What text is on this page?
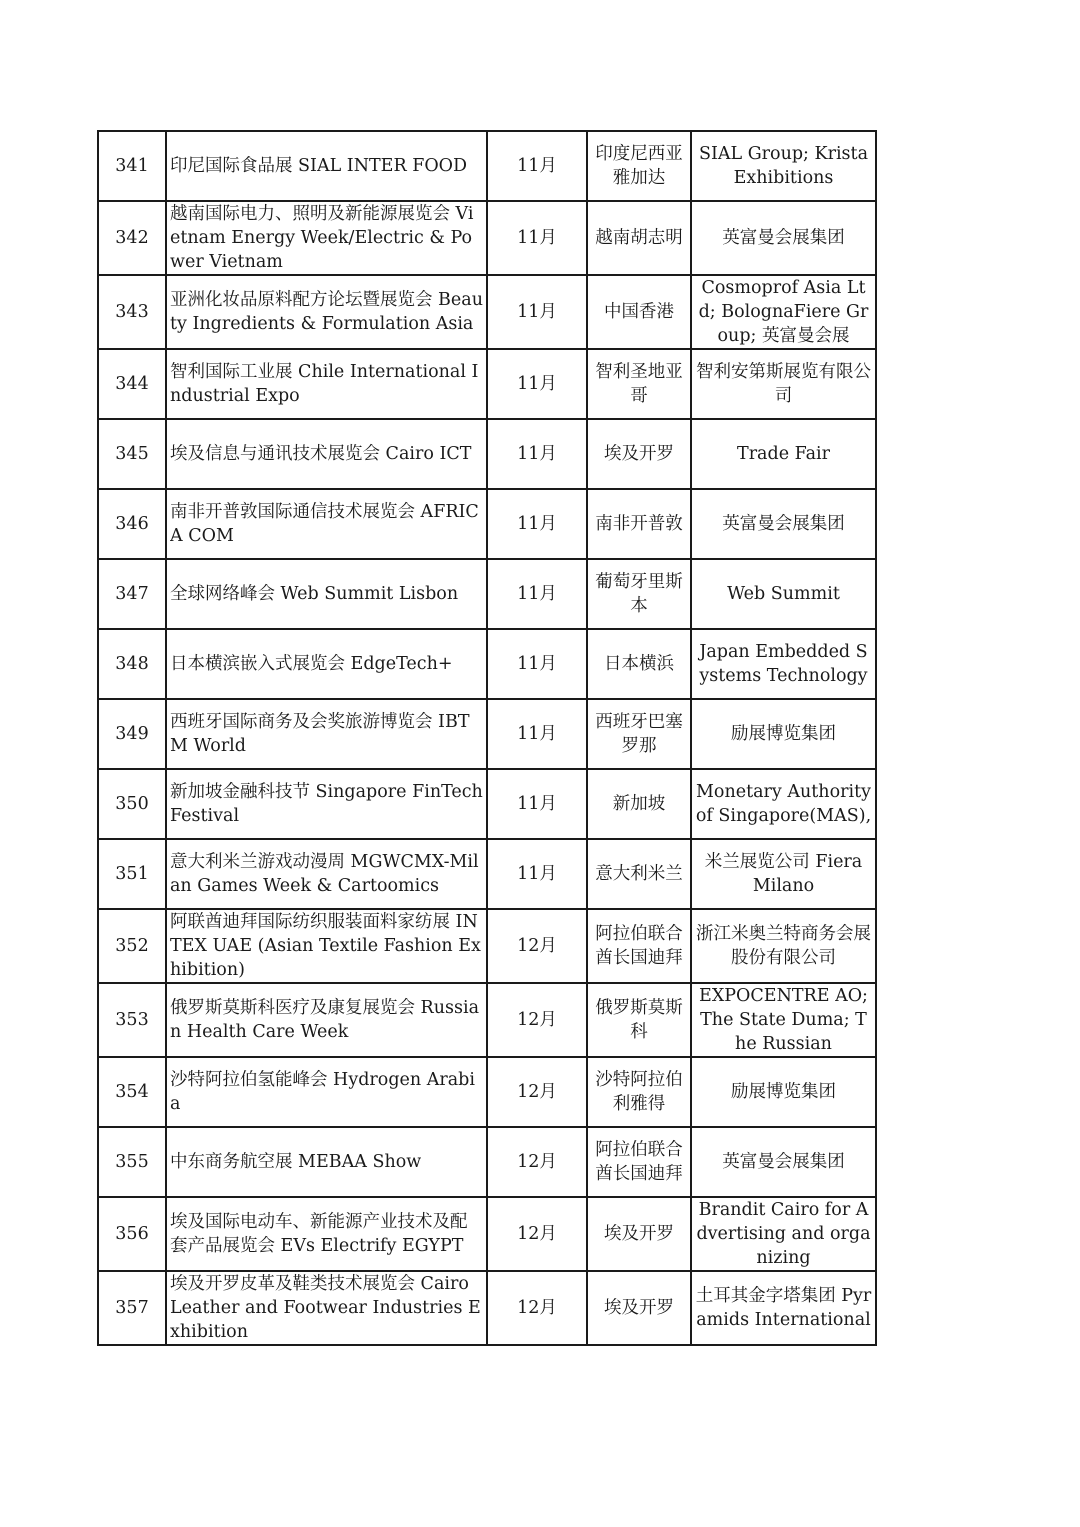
341	印尼国际食品展 SIAL INTER FOOD	11月	印度尼西亚雅加达	SIAL Group; Krista Exhibitions

342	越南国际电力、照明及新能源展览会 Vietnam Energy Week/Electric & Power Vietnam	11月	越南胡志明	英富曼会展集团

343	亚洲化妆品原料配方论坛暨展览会 Beauty Ingredients & Formulation Asia	11月	中国香港	Cosmoprof Asia Ltd; BolognaFiere Group; 英富曼会展

344	智利国际工业展 Chile International Industrial Expo	11月	智利圣地亚哥	智利安第斯展览有限公司

345	埃及信息与通讯技术展览会 Cairo ICT	11月	埃及开罗	Trade Fair

346	南非开普敦国际通信技术展览会 AFRICA COM	11月	南非开普敦	英富曼会展集团

347	全球网络峰会 Web Summit Lisbon	11月	葡萄牙里斯本	Web Summit

348	日本横滨嵌入式展览会 EdgeTech+	11月	日本横浜	Japan Embedded Systems Technology

349	西班牙国际商务及会奖旅游博览会 IBTM World	11月	西班牙巴塞罗那	励展博览集团

350	新加坡金融科技节 Singapore FinTech Festival	11月	新加坡	Monetary Authority of Singapore(MAS),

351	意大利米兰游戏动漫周 MGWCMX-Milan Games Week & Cartoomics	11月	意大利米兰	米兰展览公司 Fiera Milano

352	阿联酋迪拜国际纺织服装面料家纺展 INTEX UAE (Asian Textile Fashion Exhibition)	12月	阿拉伯联合酋长国迪拜	浙江米奥兰特商务会展股份有限公司

353	俄罗斯莫斯科医疗及康复展览会 Russian Health Care Week	12月	俄罗斯莫斯科	EXPOCENTRE AO; The State Duma; The Russian

354	沙特阿拉伯氢能峰会 Hydrogen Arabia	12月	沙特阿拉伯利雅得	励展博览集团

355	中东商务航空展 MEBAA Show	12月	阿拉伯联合酋长国迪拜	英富曼会展集团

356	埃及国际电动车、新能源产业技术及配套产品展览会 EVs Electrify EGYPT	12月	埃及开罗	Brandit Cairo for Advertising and organizing

357	埃及开罗皮革及鞋类技术展览会 Cairo Leather and Footwear Industries Exhibition	12月	埃及开罗	土耳其金字塔集团 Pyramids International
